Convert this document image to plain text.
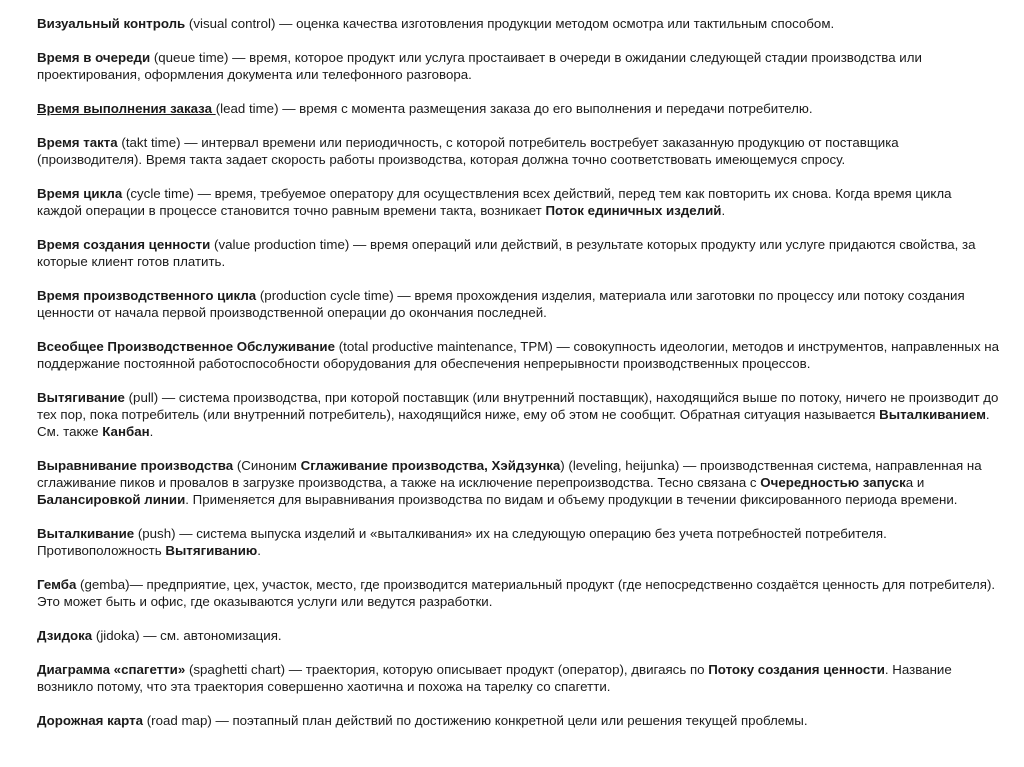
Визуальный контроль (visual control) — оценка качества изготовления продукции методом осмотра или тактильным способом.

Время в очереди (queue time) — время, которое продукт или услуга простаивает в очереди в ожидании следующей стадии производства или проектирования, оформления документа или телефонного разговора.

Время выполнения заказа (lead time) — время с момента размещения заказа до его выполнения и передачи потребителю.

Время такта (takt time) — интервал времени или периодичность, с которой потребитель востребует заказанную продукцию от поставщика (производителя). Время такта задает скорость работы производства, которая должна точно соответствовать имеющемуся спросу.

Время цикла (cycle time) — время, требуемое оператору для осуществления всех действий, перед тем как повторить их снова. Когда время цикла каждой операции в процессе становится точно равным времени такта, возникает Поток единичных изделий.

Время создания ценности (value production time) — время операций или действий, в результате которых продукту или услуге придаются свойства, за которые клиент готов платить.

Время производственного цикла (production cycle time) — время прохождения изделия, материала или заготовки по процессу или потоку создания ценности от начала первой производственной операции до окончания последней.

Всеобщее Производственное Обслуживание (total productive maintenance, TPM) — совокупность идеологии, методов и инструментов, направленных на поддержание постоянной работоспособности оборудования для обеспечения непрерывности производственных процессов.

Вытягивание (pull) — система производства, при которой поставщик (или внутренний поставщик), находящийся выше по потоку, ничего не производит до тех пор, пока потребитель (или внутренний потребитель), находящийся ниже, ему об этом не сообщит. Обратная ситуация называется Выталкиванием. См. также Канбан.

Выравнивание производства (Синоним Сглаживание производства, Хэйдзунка) (leveling, heijunka) — производственная система, направленная на сглаживание пиков и провалов в загрузке производства, а также на исключение перепроизводства. Тесно связана с Очередностью запуска и Балансировкой линии. Применяется для выравнивания производства по видам и объему продукции в течении фиксированного периода времени.

Выталкивание (push) — система выпуска изделий и «выталкивания» их на следующую операцию без учета потребностей потребителя. Противоположность Вытягиванию.

Гемба (gemba)— предприятие, цех, участок, место, где производится материальный продукт (где непосредственно создаётся ценность для потребителя). Это может быть и офис, где оказываются услуги или ведутся разработки.

Дзидока (jidoka) — см. автономизация.

Диаграмма «спагетти» (spaghetti chart) — траектория, которую описывает продукт (оператор), двигаясь по Потоку создания ценности. Название возникло потому, что эта траектория совершенно хаотична и похожа на тарелку со спагетти.

Дорожная карта (road map) — поэтапный план действий по достижению конкретной цели или решения текущей проблемы.
